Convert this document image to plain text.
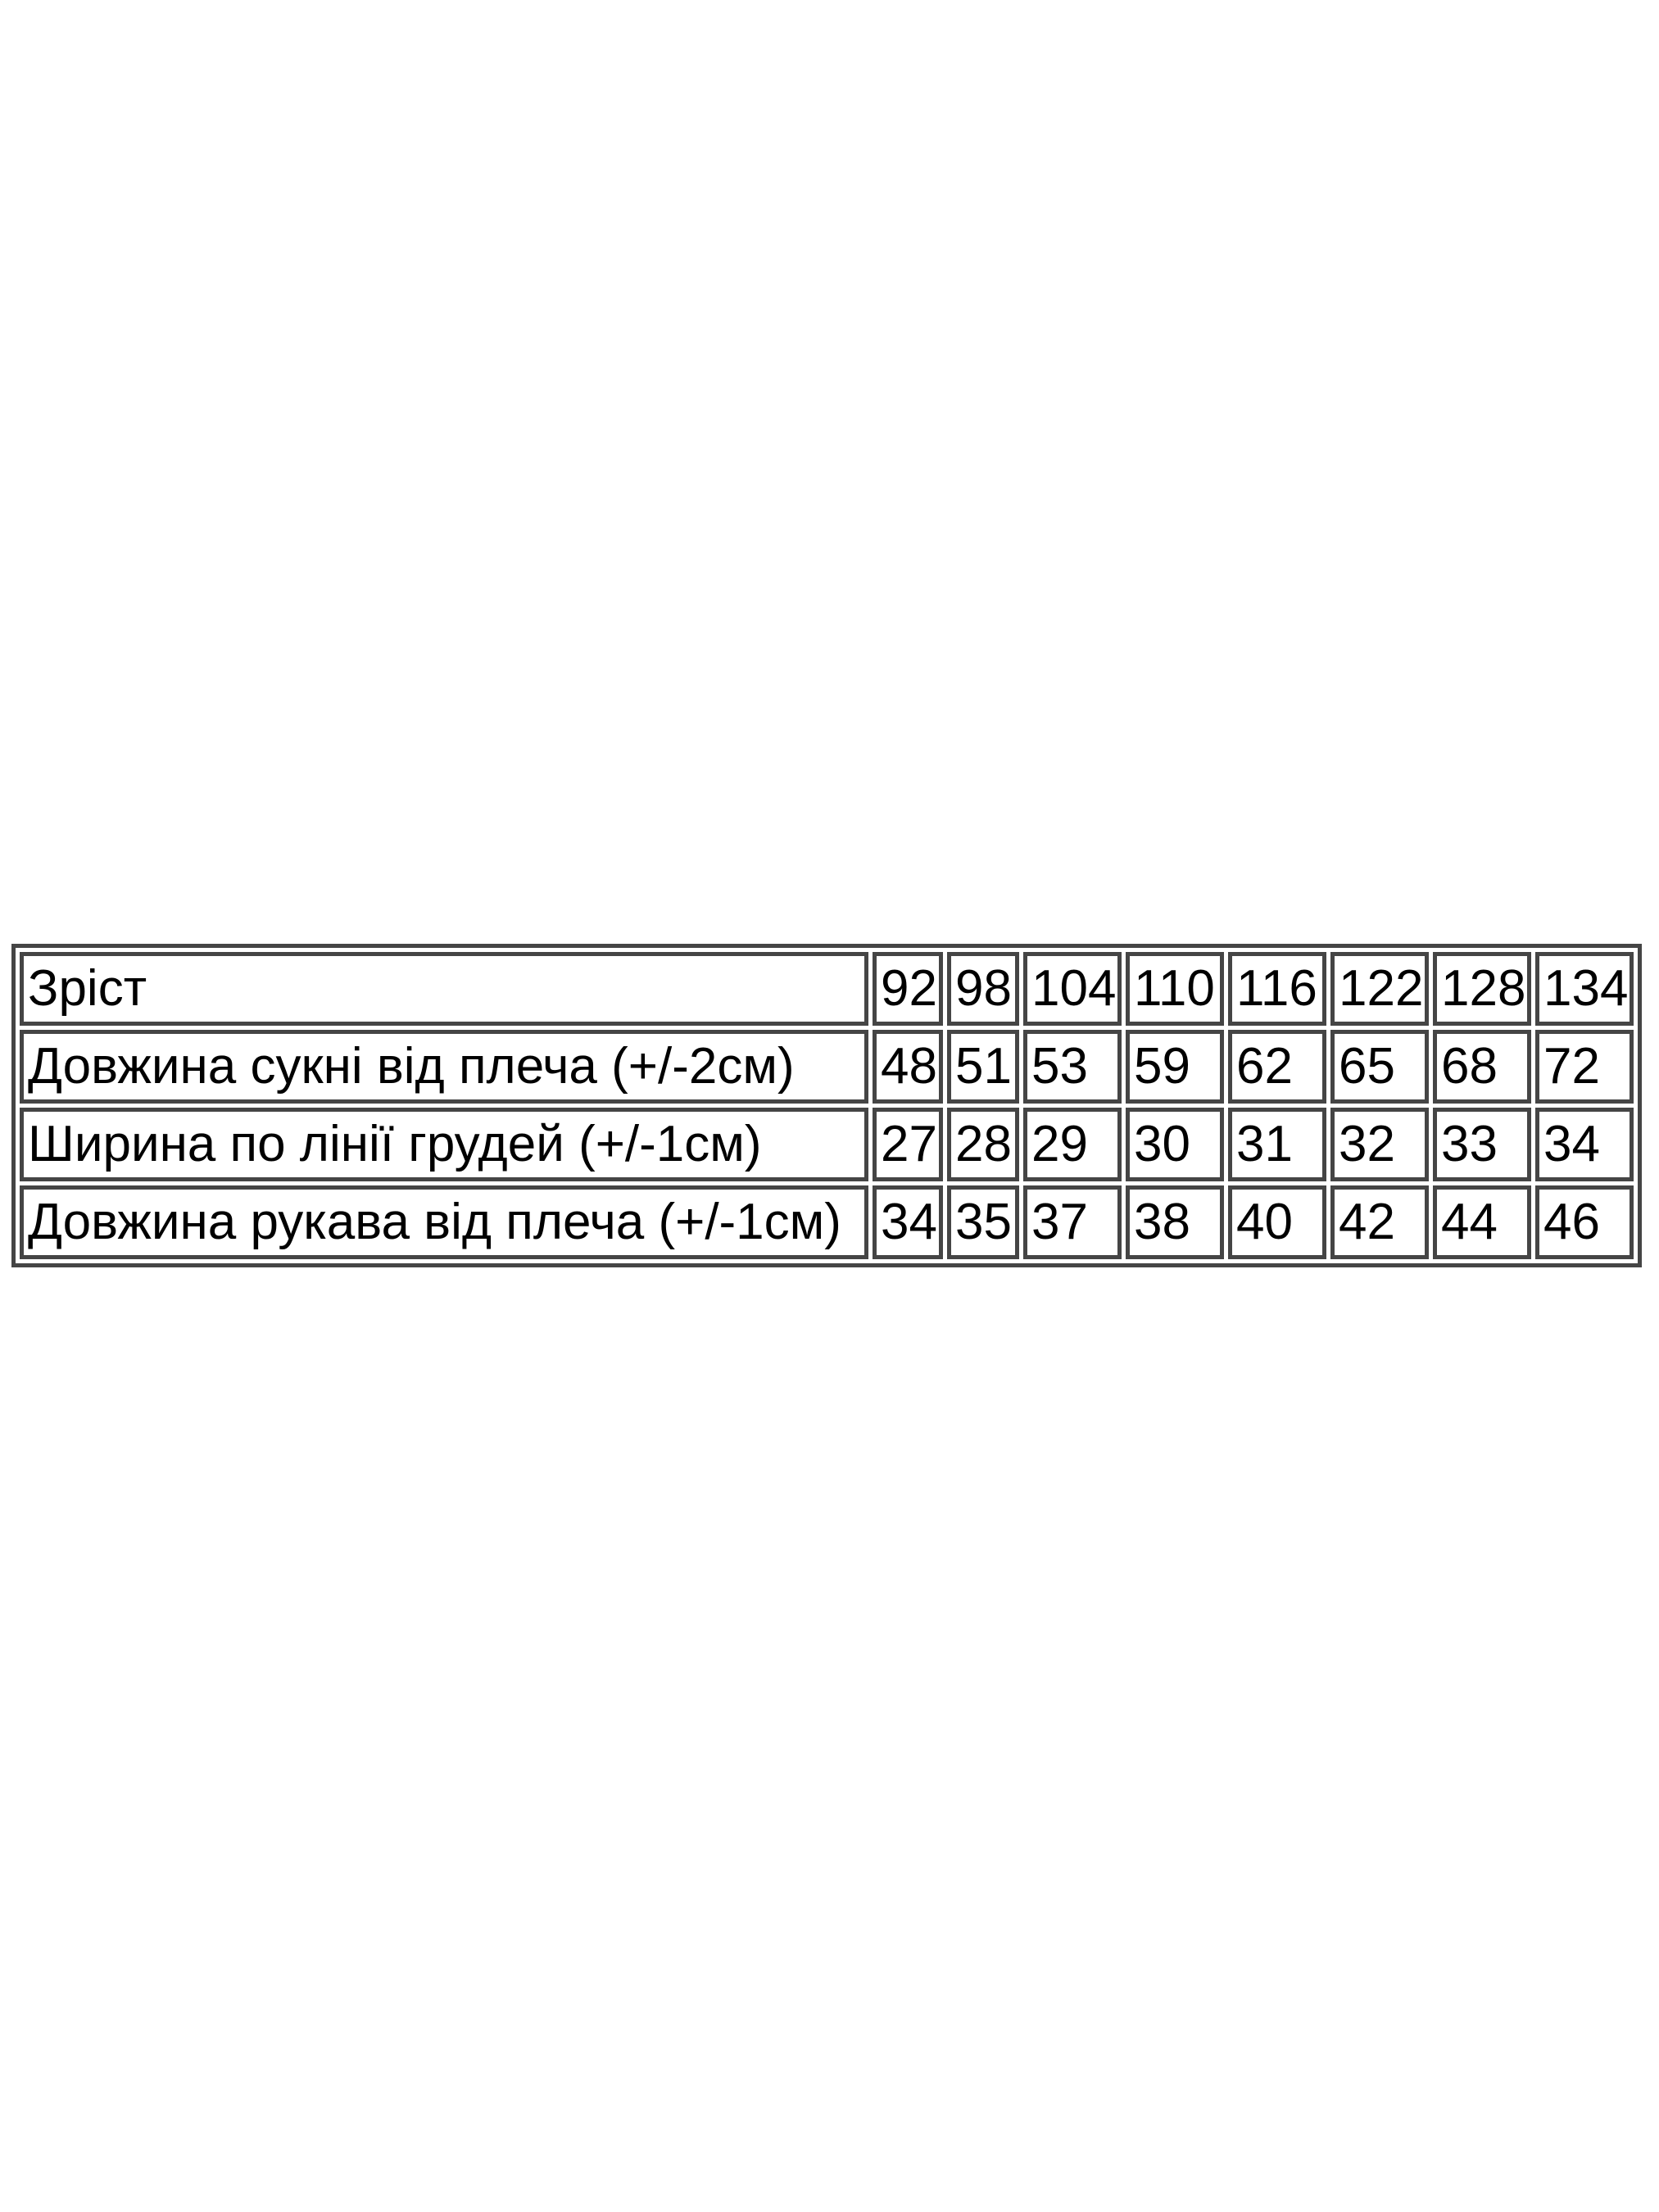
Зріст	92	98	104	110	116	122	128	134
Довжина сукні від плеча (+/-2см)	48	51	53	59	62	65	68	72
Ширина по лінії грудей (+/-1см)	27	28	29	30	31	32	33	34
Довжина рукава від плеча (+/-1см)	34	35	37	38	40	42	44	46
